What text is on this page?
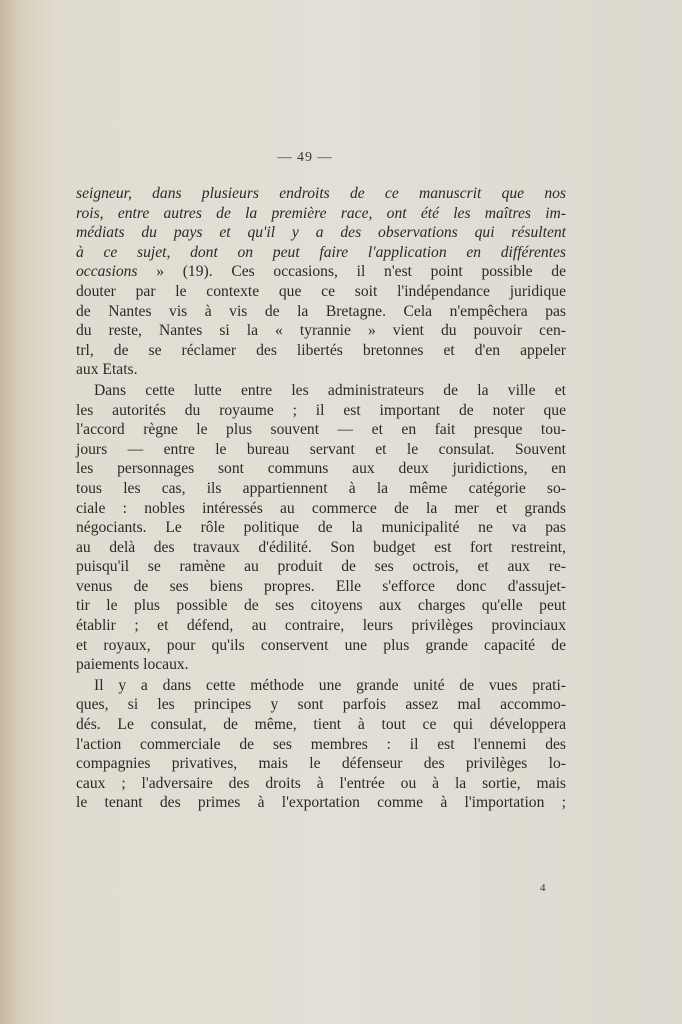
— 49 —
seigneur, dans plusieurs endroits de ce manuscrit que nos
rois, entre autres de la première race, ont été les maîtres im-
médiats du pays et qu'il y a des observations qui résultent
à ce sujet, dont on peut faire l'application en différentes
occasions » (19). Ces occasions, il n'est point possible de
douter par le contexte que ce soit l'indépendance juridique
de Nantes vis à vis de la Bretagne. Cela n'empêchera pas
du reste, Nantes si la « tyrannie » vient du pouvoir cen-
trl, de se réclamer des libertés bretonnes et d'en appeler
aux Etats.
Dans cette lutte entre les administrateurs de la ville et
les autorités du royaume ; il est important de noter que
l'accord règne le plus souvent — et en fait presque tou-
jours — entre le bureau servant et le consulat. Souvent
les personnages sont communs aux deux juridictions, en
tous les cas, ils appartiennent à la même catégorie so-
ciale : nobles intéressés au commerce de la mer et grands
négociants. Le rôle politique de la municipalité ne va pas
au delà des travaux d'édilité. Son budget est fort restreint,
puisqu'il se ramène au produit de ses octrois, et aux re-
venus de ses biens propres. Elle s'efforce donc d'assujet-
tir le plus possible de ses citoyens aux charges qu'elle peut
établir ; et défend, au contraire, leurs privilèges provinciaux
et royaux, pour qu'ils conservent une plus grande capacité de
paiements locaux.
Il y a dans cette méthode une grande unité de vues prati-
ques, si les principes y sont parfois assez mal accommo-
dés. Le consulat, de même, tient à tout ce qui développera
l'action commerciale de ses membres : il est l'ennemi des
compagnies privatives, mais le défenseur des privilèges lo-
caux ; l'adversaire des droits à l'entrée ou à la sortie, mais
le tenant des primes à l'exportation comme à l'importation ;
4
